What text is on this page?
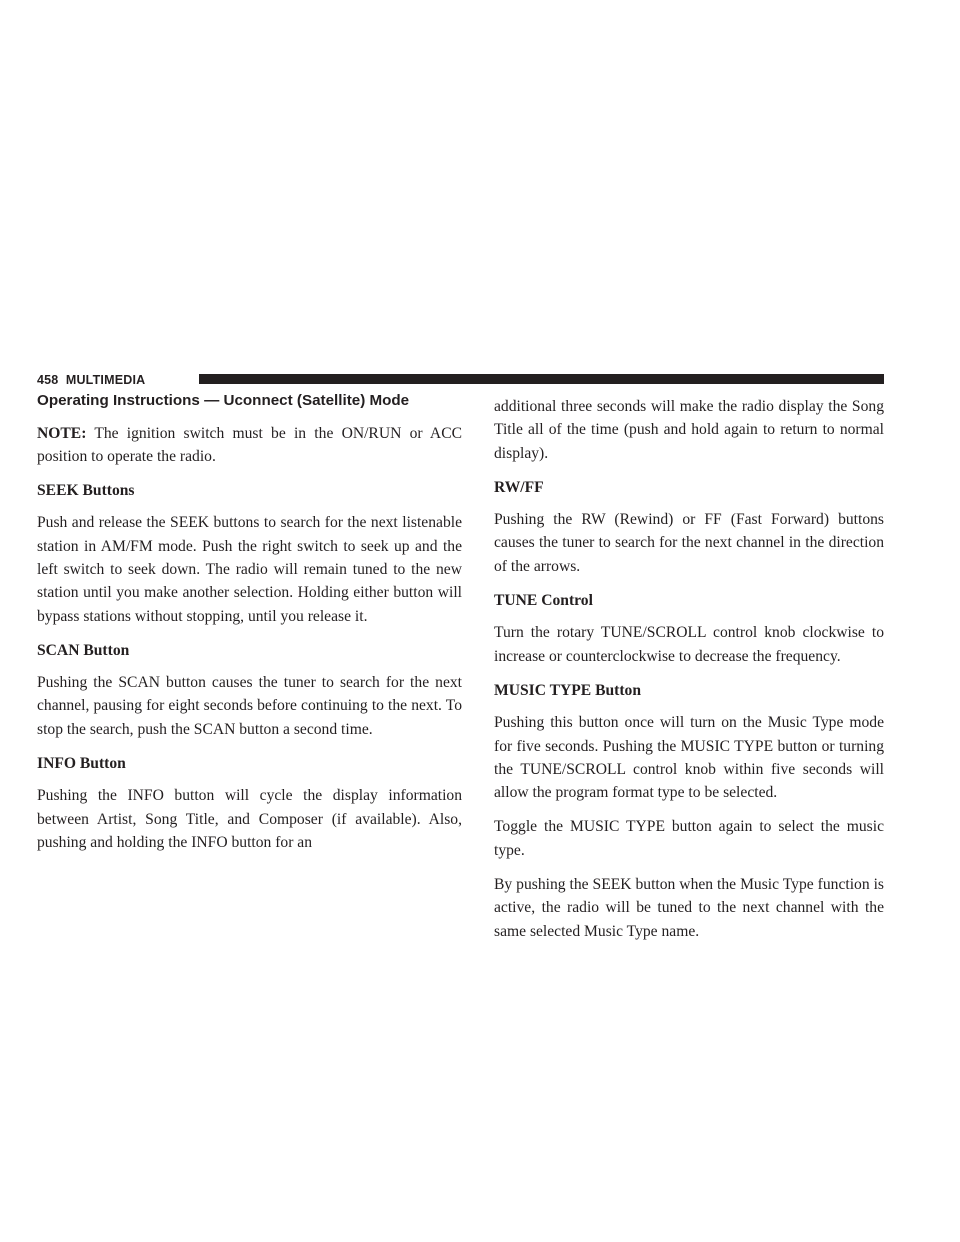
458 MULTIMEDIA
Operating Instructions — Uconnect (Satellite) Mode

NOTE: The ignition switch must be in the ON/RUN or ACC position to operate the radio.

SEEK Buttons

Push and release the SEEK buttons to search for the next listenable station in AM/FM mode. Push the right switch to seek up and the left switch to seek down. The radio will remain tuned to the new station until you make another selection. Holding either button will bypass stations without stopping, until you release it.

SCAN Button

Pushing the SCAN button causes the tuner to search for the next channel, pausing for eight seconds before continuing to the next. To stop the search, push the SCAN button a second time.

INFO Button

Pushing the INFO button will cycle the display information between Artist, Song Title, and Composer (if available). Also, pushing and holding the INFO button for an

additional three seconds will make the radio display the Song Title all of the time (push and hold again to return to normal display).

RW/FF

Pushing the RW (Rewind) or FF (Fast Forward) buttons causes the tuner to search for the next channel in the direction of the arrows.

TUNE Control

Turn the rotary TUNE/SCROLL control knob clockwise to increase or counterclockwise to decrease the frequency.

MUSIC TYPE Button

Pushing this button once will turn on the Music Type mode for five seconds. Pushing the MUSIC TYPE button or turning the TUNE/SCROLL control knob within five seconds will allow the program format type to be selected.

Toggle the MUSIC TYPE button again to select the music type.

By pushing the SEEK button when the Music Type function is active, the radio will be tuned to the next channel with the same selected Music Type name.
